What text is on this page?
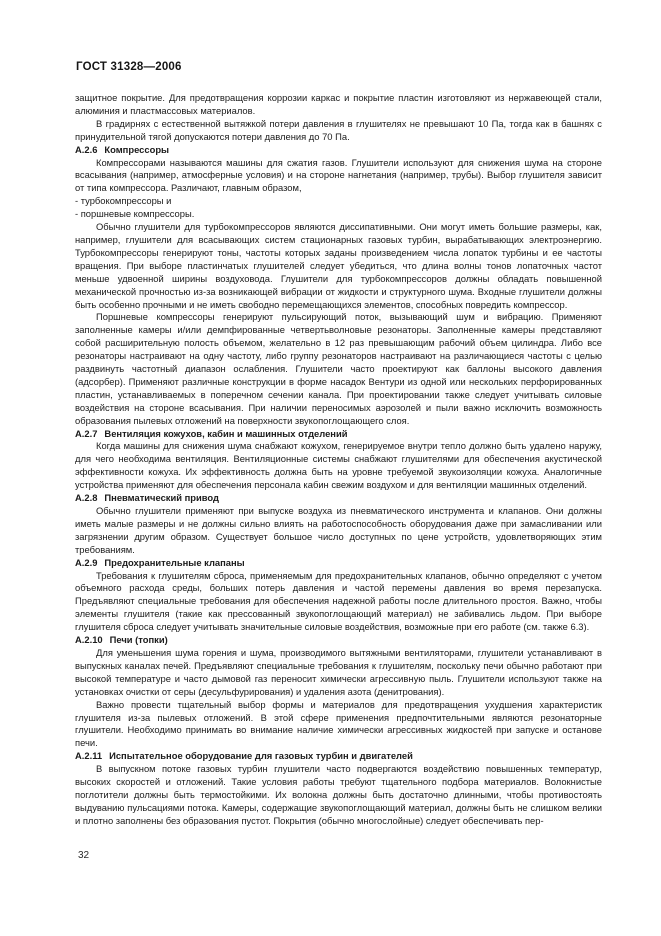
ГОСТ 31328—2006

защитное покрытие. Для предотвращения коррозии каркас и покрытие пластин изготовляют из нержавеющей стали, алюминия и пластмассовых материалов.

В градирнях с естественной вытяжкой потери давления в глушителях не превышают 10 Па, тогда как в башнях с принудительной тягой допускаются потери давления до 70 Па.

А.2.6 Компрессоры

Компрессорами называются машины для сжатия газов. Глушители используют для снижения шума на стороне всасывания (например, атмосферные условия) и на стороне нагнетания (например, трубы). Выбор глушителя зависит от типа компрессора. Различают, главным образом,

- турбокомпрессоры и

- поршневые компрессоры.

Обычно глушители для турбокомпрессоров являются диссипативными. Они могут иметь большие размеры, как, например, глушители для всасывающих систем стационарных газовых турбин, вырабатывающих электроэнергию. Турбокомпрессоры генерируют тоны, частоты которых заданы произведением числа лопаток турбины и ее частоты вращения. При выборе пластинчатых глушителей следует убедиться, что длина волны тонов лопаточных частот меньше удвоенной ширины воздуховода. Глушители для турбокомпрессоров должны обладать повышенной механической прочностью из-за возникающей вибрации от жидкости и структурного шума. Входные глушители должны быть особенно прочными и не иметь свободно перемещающихся элементов, способных повредить компрессор.

Поршневые компрессоры генерируют пульсирующий поток, вызывающий шум и вибрацию. Применяют заполненные камеры и/или демпфированные четвертьволновые резонаторы. Заполненные камеры представляют собой расширительную полость объемом, желательно в 12 раз превышающим рабочий объем цилиндра. Либо все резонаторы настраивают на одну частоту, либо группу резонаторов настраивают на различающиеся частоты с целью раздвинуть частотный диапазон ослабления. Глушители часто проектируют как баллоны высокого давления (адсорбер). Применяют различные конструкции в форме насадок Вентури из одной или нескольких перфорированных пластин, устанавливаемых в поперечном сечении канала. При проектировании также следует учитывать силовые воздействия на стороне всасывания. При наличии переносимых аэрозолей и пыли важно исключить возможность образования пылевых отложений на поверхности звукопоглощающего слоя.

А.2.7 Вентиляция кожухов, кабин и машинных отделений

Когда машины для снижения шума снабжают кожухом, генерируемое внутри тепло должно быть удалено наружу, для чего необходима вентиляция. Вентиляционные системы снабжают глушителями для обеспечения акустической эффективности кожуха. Их эффективность должна быть на уровне требуемой звукоизоляции кожуха. Аналогичные устройства применяют для обеспечения персонала кабин свежим воздухом и для вентиляции машинных отделений.

А.2.8 Пневматический привод

Обычно глушители применяют при выпуске воздуха из пневматического инструмента и клапанов. Они должны иметь малые размеры и не должны сильно влиять на работоспособность оборудования даже при замасливании или загрязнении другим образом. Существует большое число доступных по цене устройств, удовлетворяющих этим требованиям.

А.2.9 Предохранительные клапаны

Требования к глушителям сброса, применяемым для предохранительных клапанов, обычно определяют с учетом объемного расхода среды, больших потерь давления и частой перемены давления во время перезапуска. Предъявляют специальные требования для обеспечения надежной работы после длительного простоя. Важно, чтобы элементы глушителя (такие как прессованный звукопоглощающий материал) не забивались льдом. При выборе глушителя сброса следует учитывать значительные силовые воздействия, возможные при его работе (см. также 6.3).

А.2.10 Печи (топки)

Для уменьшения шума горения и шума, производимого вытяжными вентиляторами, глушители устанавливают в выпускных каналах печей. Предъявляют специальные требования к глушителям, поскольку печи обычно работают при высокой температуре и часто дымовой газ переносит химически агрессивную пыль. Глушители используют также на установках очистки от серы (десульфурирования) и удаления азота (денитрования).

Важно провести тщательный выбор формы и материалов для предотвращения ухудшения характеристик глушителя из-за пылевых отложений. В этой сфере применения предпочтительными являются резонаторные глушители. Необходимо принимать во внимание наличие химически агрессивных жидкостей при запуске и останове печи.

А.2.11 Испытательное оборудование для газовых турбин и двигателей

В выпускном потоке газовых турбин глушители часто подвергаются воздействию повышенных температур, высоких скоростей и отложений. Такие условия работы требуют тщательного подбора материалов. Волокнистые поглотители должны быть термостойкими. Их волокна должны быть достаточно длинными, чтобы противостоять выдуванию пульсациями потока. Камеры, содержащие звукопоглощающий материал, должны быть не слишком велики и плотно заполнены без образования пустот. Покрытия (обычно многослойные) следует обеспечивать пер-

32
